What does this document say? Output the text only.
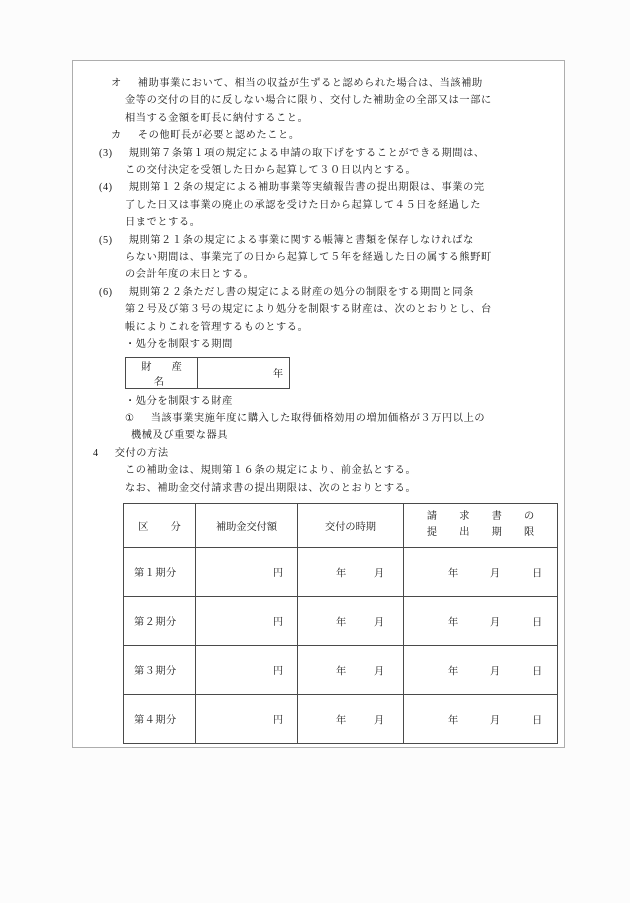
オ 補助事業において、相当の収益が生ずると認められた場合は、当該補助
金等の交付の目的に反しない場合に限り、交付した補助金の全部又は一部に
相当する金額を町長に納付すること。
カ その他町長が必要と認めたこと。
(3) 規則第７条第１項の規定による申請の取下げをすることができる期間は、
この交付決定を受領した日から起算して３０日以内とする。
(4) 規則第１２条の規定による補助事業等実績報告書の提出期限は、事業の完
了した日又は事業の廃止の承認を受けた日から起算して４５日を経過した
日までとする。
(5) 規則第２１条の規定による事業に関する帳簿と書類を保存しなければな
らない期間は、事業完了の日から起算して５年を経過した日の属する熊野町
の会計年度の末日とする。
(6) 規則第２２条ただし書の規定による財産の処分の制限をする期間と同条
第２号及び第３号の規定により処分を制限する財産は、次のとおりとし、台
帳によりこれを管理するものとする。
・処分を制限する期間
財　産　名	年
・処分を制限する財産
① 当該事業実施年度に購入した取得価格効用の増加価格が３万円以上の
機械及び重要な器具
4 交付の方法
この補助金は、規則第１６条の規定により、前金払とする。
なお、補助金交付請求書の提出期限は、次のとおりとする。
区　分	補助金交付額	交付の時期	請　求　書　の
提　出　期　限

第１期分	円	年 月	年 月 日

第２期分	円	年 月	年 月 日

第３期分	円	年 月	年 月 日

第４期分	円	年 月	年 月 日
